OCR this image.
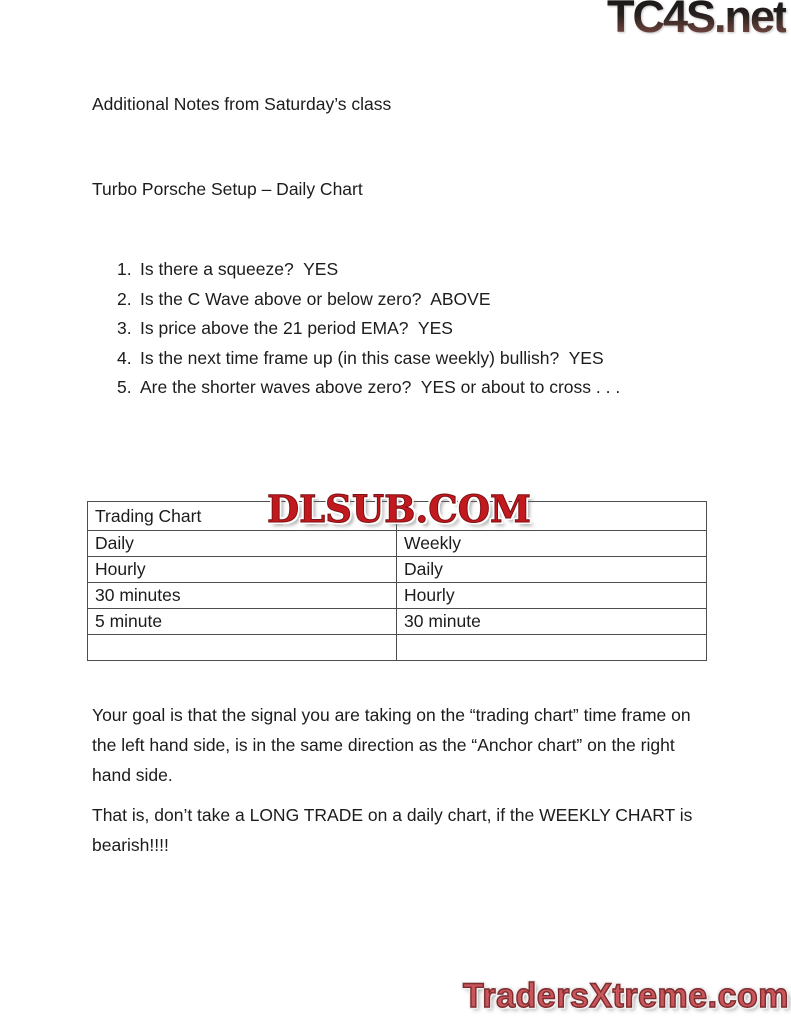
TC4S.net
Additional Notes from Saturday’s class
Turbo Porsche Setup – Daily Chart
1. Is there a squeeze?  YES
2. Is the C Wave above or below zero?  ABOVE
3. Is price above the 21 period EMA?  YES
4. Is the next time frame up (in this case weekly) bullish?  YES
5. Are the shorter waves above zero?  YES or about to cross . . .
Trading Chart	
Daily	Weekly
Hourly	Daily
30 minutes	Hourly
5 minute	30 minute

DLSUB.COM

Your goal is that the signal you are taking on the “trading chart” time frame on the left hand side, is in the same direction as the “Anchor chart” on the right hand side.

That is, don’t take a LONG TRADE on a daily chart, if the WEEKLY CHART is bearish!!!!

TradersXtreme.com
